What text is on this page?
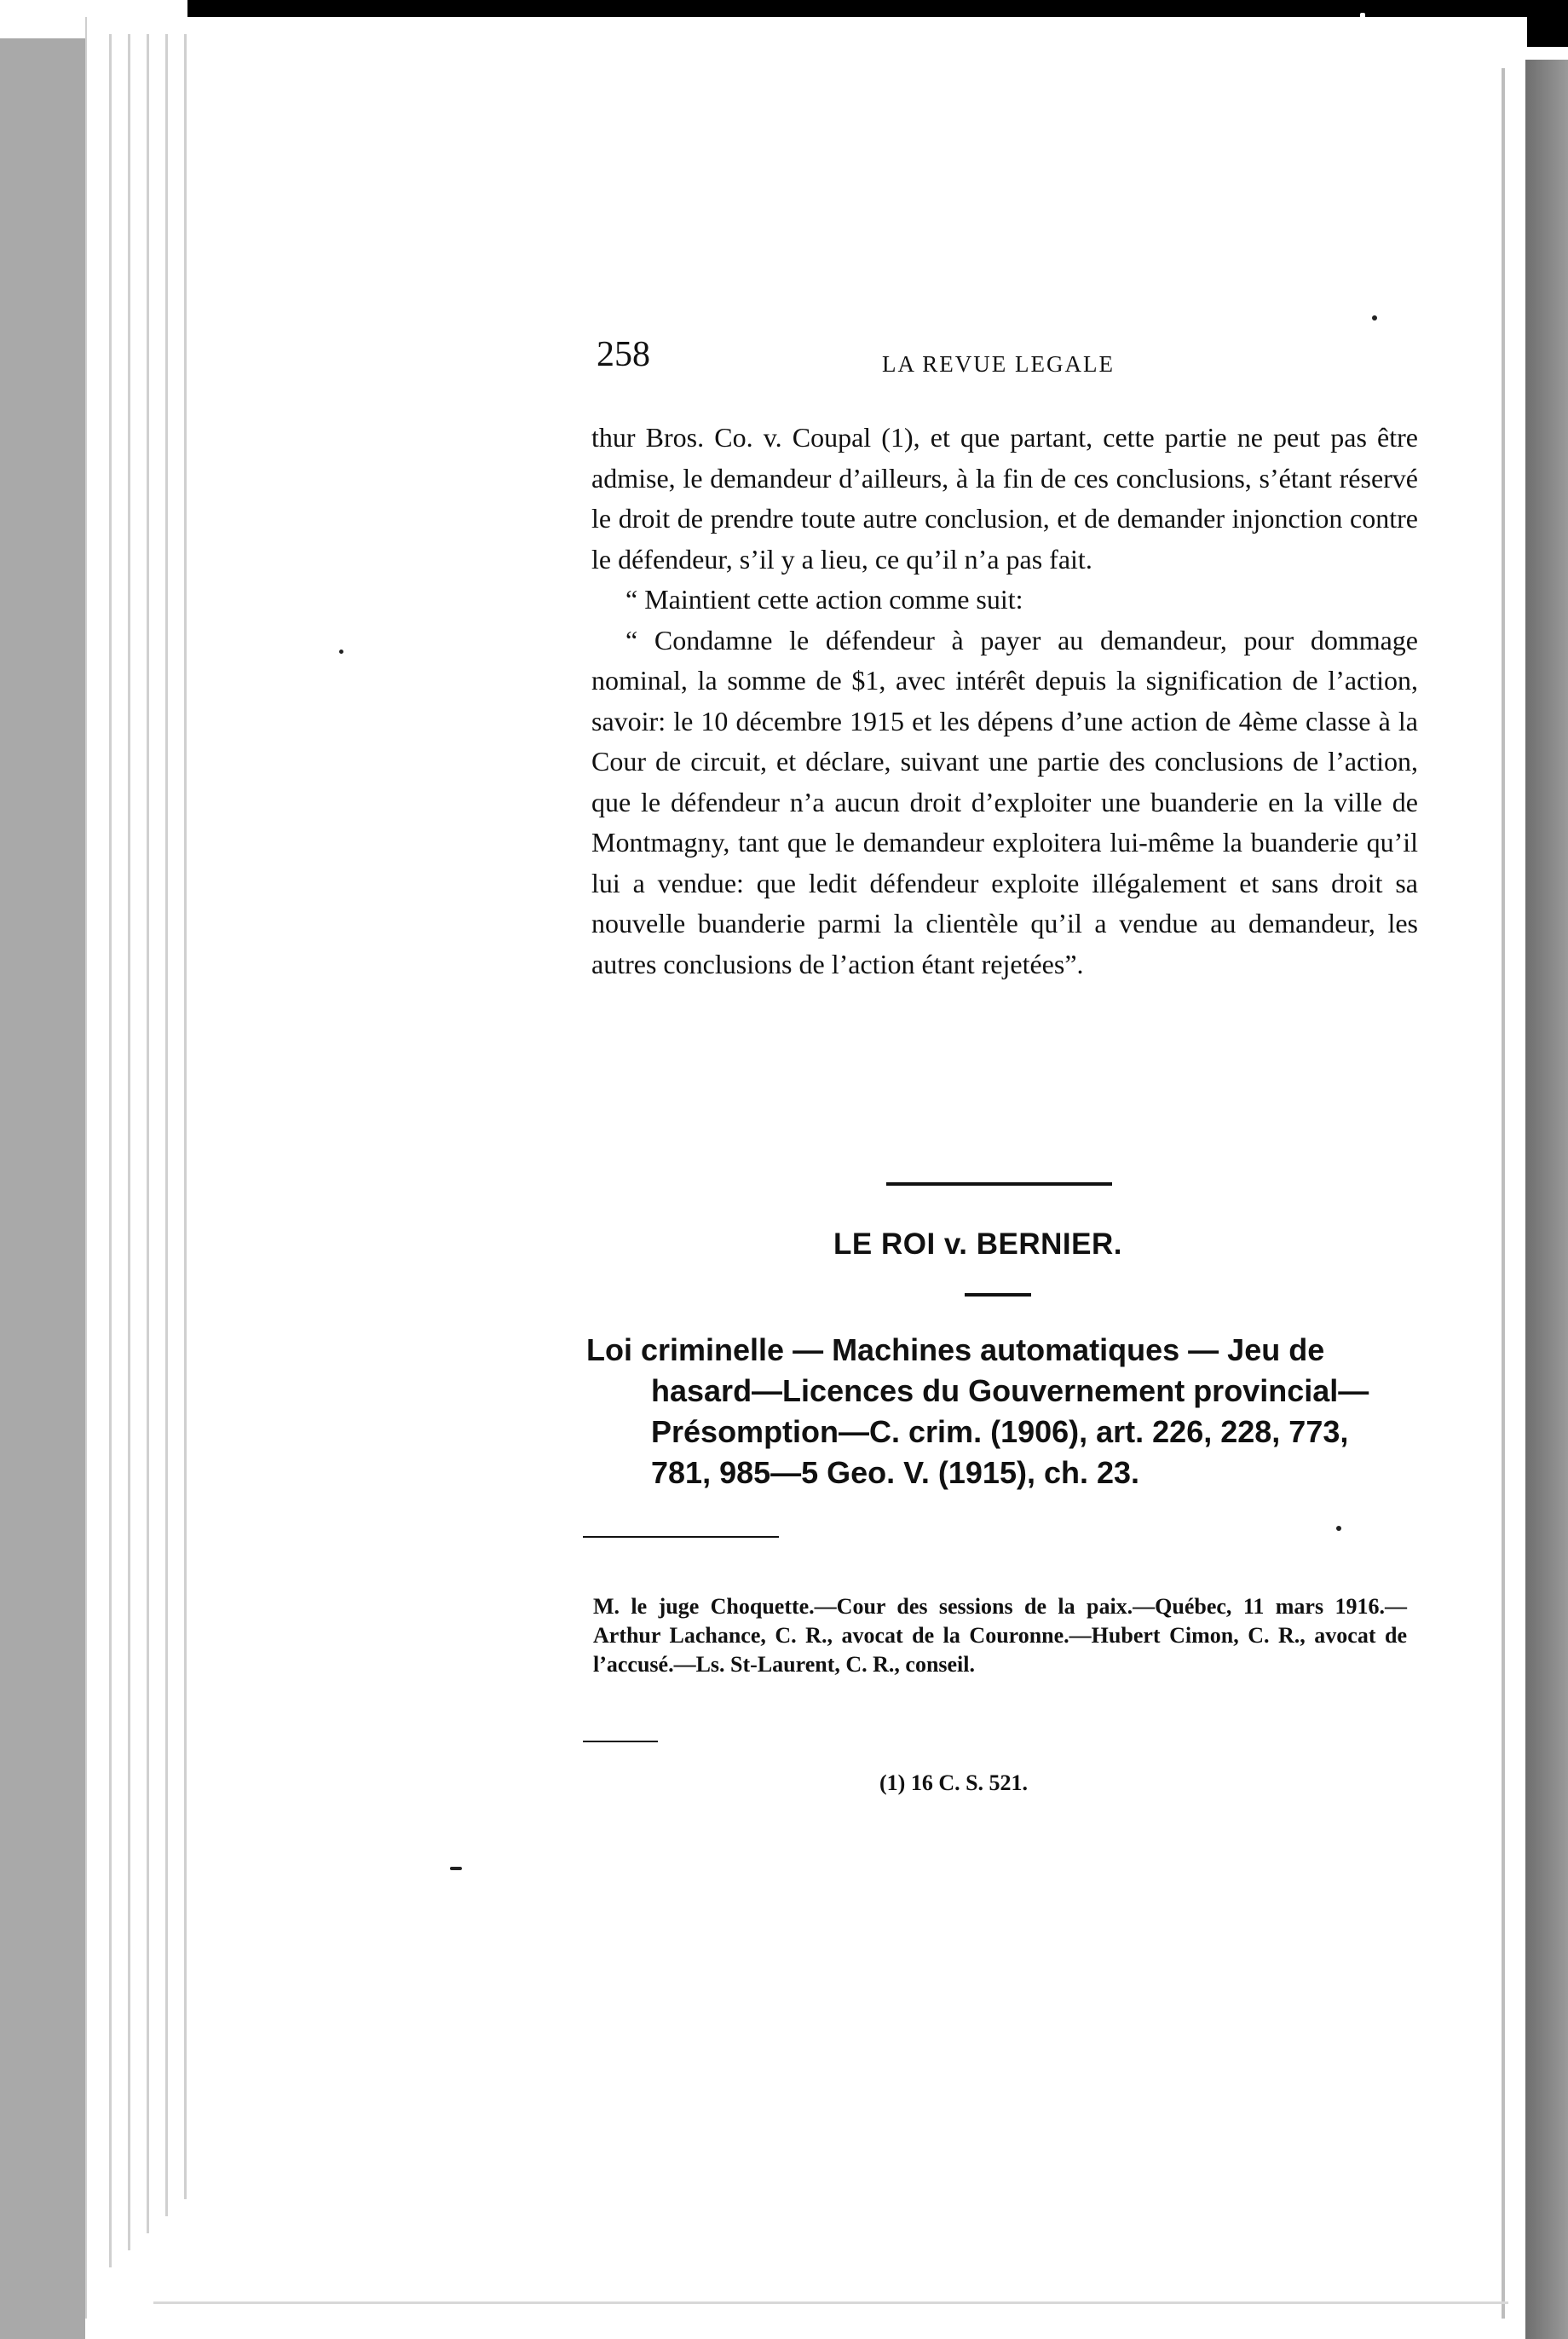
258	LA REVUE LEGALE

thur Bros. Co. v. Coupal (1), et que partant, cette partie ne peut pas être admise, le demandeur d’ailleurs, à la fin de ces conclusions, s’étant réservé le droit de prendre toute autre conclusion, et de demander injonction contre le défendeur, s’il y a lieu, ce qu’il n’a pas fait.

“ Maintient cette action comme suit:

“ Condamne le défendeur à payer au demandeur, pour dommage nominal, la somme de $1, avec intérêt depuis la signification de l’action, savoir: le 10 décembre 1915 et les dépens d’une action de 4ème classe à la Cour de circuit, et déclare, suivant une partie des conclusions de l’action, que le défendeur n’a aucun droit d’exploiter une buanderie en la ville de Montmagny, tant que le demandeur exploitera lui-même la buanderie qu’il lui a vendue: que ledit défendeur exploite illégalement et sans droit sa nouvelle buanderie parmi la clientèle qu’il a vendue au demandeur, les autres conclusions de l’action étant rejetées”.

LE ROI v. BERNIER.
Loi criminelle — Machines automatiques — Jeu de hasard—Licences du Gouvernement provincial—Présomption—C. crim. (1906), art. 226, 228, 773, 781, 985—5 Geo. V. (1915), ch. 23.
M. le juge Choquette.—Cour des sessions de la paix.—Québec, 11 mars 1916.—Arthur Lachance, C. R., avocat de la Couronne.—Hubert Cimon, C. R., avocat de l’accusé.—Ls. St-Laurent, C. R., conseil.
(1) 16 C. S. 521.
